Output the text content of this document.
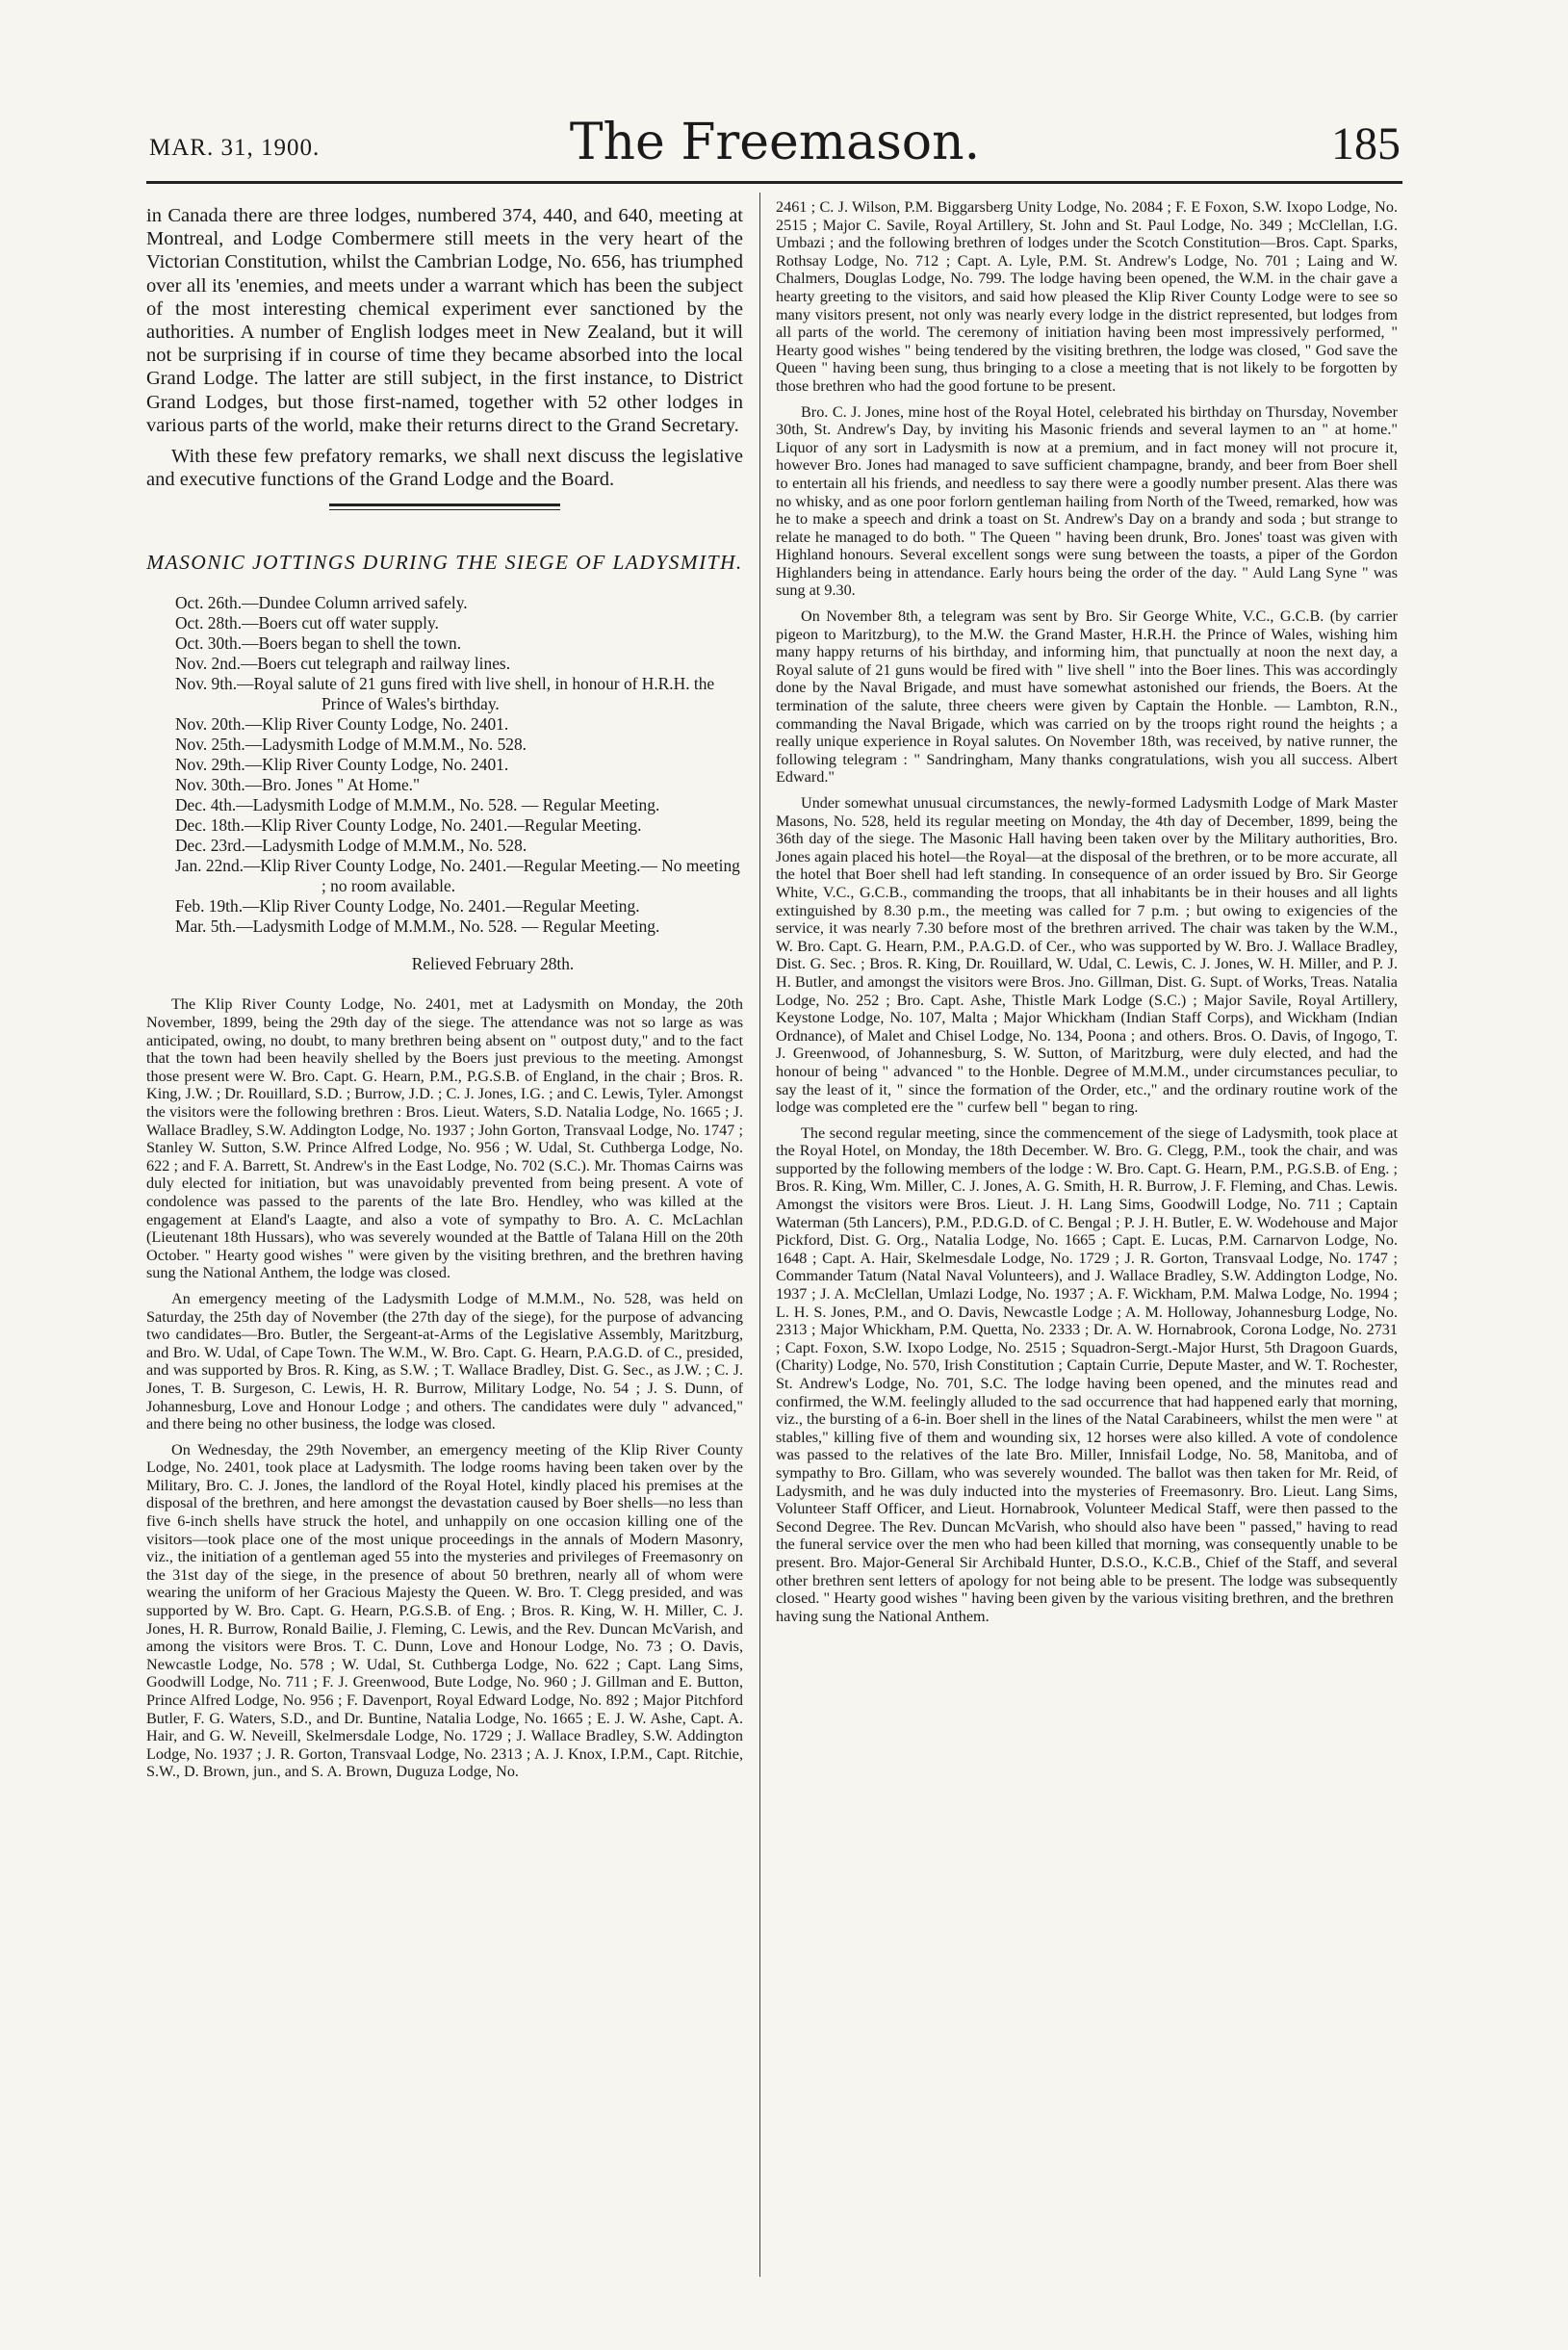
MAR. 31, 1900.	The Freemason.	185

in Canada there are three lodges, numbered 374, 440, and 640, meeting at Montreal, and Lodge Combermere still meets in the very heart of the Victorian Constitution, whilst the Cambrian Lodge, No. 656, has triumphed over all its 'enemies, and meets under a warrant which has been the subject of the most interesting chemical experiment ever sanctioned by the authorities. A number of English lodges meet in New Zealand, but it will not be surprising if in course of time they became absorbed into the local Grand Lodge. The latter are still subject, in the first instance, to District Grand Lodges, but those first-named, together with 52 other lodges in various parts of the world, make their returns direct to the Grand Secretary.

With these few prefatory remarks, we shall next discuss the legislative and executive functions of the Grand Lodge and the Board.

MASONIC JOTTINGS DURING THE SIEGE OF LADYSMITH.
Oct. 26th.—Dundee Column arrived safely.
Oct. 28th.—Boers cut off water supply.
Oct. 30th.—Boers began to shell the town.
Nov. 2nd.—Boers cut telegraph and railway lines.
Nov. 9th.—Royal salute of 21 guns fired with live shell, in honour of H.R.H. the Prince of Wales's birthday.
Nov. 20th.—Klip River County Lodge, No. 2401.
Nov. 25th.—Ladysmith Lodge of M.M.M., No. 528.
Nov. 29th.—Klip River County Lodge, No. 2401.
Nov. 30th.—Bro. Jones " At Home."
Dec. 4th.—Ladysmith Lodge of M.M.M., No. 528. — Regular Meeting.
Dec. 18th.—Klip River County Lodge, No. 2401.—Regular Meeting.
Dec. 23rd.—Ladysmith Lodge of M.M.M., No. 528.
Jan. 22nd.—Klip River County Lodge, No. 2401.—Regular Meeting.— No meeting ; no room available.
Feb. 19th.—Klip River County Lodge, No. 2401.—Regular Meeting.
Mar. 5th.—Ladysmith Lodge of M.M.M., No. 528. — Regular Meeting.
Relieved February 28th.

The Klip River County Lodge, No. 2401, met at Ladysmith on Monday, the 20th November, 1899, being the 29th day of the siege. The attendance was not so large as was anticipated, owing, no doubt, to many brethren being absent on " outpost duty," and to the fact that the town had been heavily shelled by the Boers just previous to the meeting. Amongst those present were W. Bro. Capt. G. Hearn, P.M., P.G.S.B. of England, in the chair ; Bros. R. King, J.W. ; Dr. Rouillard, S.D. ; Burrow, J.D. ; C. J. Jones, I.G. ; and C. Lewis, Tyler. Amongst the visitors were the following brethren : Bros. Lieut. Waters, S.D. Natalia Lodge, No. 1665 ; J. Wallace Bradley, S.W. Addington Lodge, No. 1937 ; John Gorton, Transvaal Lodge, No. 1747 ; Stanley W. Sutton, S.W. Prince Alfred Lodge, No. 956 ; W. Udal, St. Cuthberga Lodge, No. 622 ; and F. A. Barrett, St. Andrew's in the East Lodge, No. 702 (S.C.). Mr. Thomas Cairns was duly elected for initiation, but was unavoidably prevented from being present. A vote of condolence was passed to the parents of the late Bro. Hendley, who was killed at the engagement at Eland's Laagte, and also a vote of sympathy to Bro. A. C. McLachlan (Lieutenant 18th Hussars), who was severely wounded at the Battle of Talana Hill on the 20th October. " Hearty good wishes " were given by the visiting brethren, and the brethren having sung the National Anthem, the lodge was closed.

An emergency meeting of the Ladysmith Lodge of M.M.M., No. 528, was held on Saturday, the 25th day of November (the 27th day of the siege), for the purpose of advancing two candidates—Bro. Butler, the Sergeant-at-Arms of the Legislative Assembly, Maritzburg, and Bro. W. Udal, of Cape Town. The W.M., W. Bro. Capt. G. Hearn, P.A.G.D. of C., presided, and was supported by Bros. R. King, as S.W. ; T. Wallace Bradley, Dist. G. Sec., as J.W. ; C. J. Jones, T. B. Surgeson, C. Lewis, H. R. Burrow, Military Lodge, No. 54 ; J. S. Dunn, of Johannesburg, Love and Honour Lodge ; and others. The candidates were duly " advanced," and there being no other business, the lodge was closed.

On Wednesday, the 29th November, an emergency meeting of the Klip River County Lodge, No. 2401, took place at Ladysmith. The lodge rooms having been taken over by the Military, Bro. C. J. Jones, the landlord of the Royal Hotel, kindly placed his premises at the disposal of the brethren, and here amongst the devastation caused by Boer shells—no less than five 6-inch shells have struck the hotel, and unhappily on one occasion killing one of the visitors—took place one of the most unique proceedings in the annals of Modern Masonry, viz., the initiation of a gentleman aged 55 into the mysteries and privileges of Freemasonry on the 31st day of the siege, in the presence of about 50 brethren, nearly all of whom were wearing the uniform of her Gracious Majesty the Queen. W. Bro. T. Clegg presided, and was supported by W. Bro. Capt. G. Hearn, P.G.S.B. of Eng. ; Bros. R. King, W. H. Miller, C. J. Jones, H. R. Burrow, Ronald Bailie, J. Fleming, C. Lewis, and the Rev. Duncan McVarish, and among the visitors were Bros. T. C. Dunn, Love and Honour Lodge, No. 73 ; O. Davis, Newcastle Lodge, No. 578 ; W. Udal, St. Cuthberga Lodge, No. 622 ; Capt. Lang Sims, Goodwill Lodge, No. 711 ; F. J. Greenwood, Bute Lodge, No. 960 ; J. Gillman and E. Button, Prince Alfred Lodge, No. 956 ; F. Davenport, Royal Edward Lodge, No. 892 ; Major Pitchford Butler, F. G. Waters, S.D., and Dr. Buntine, Natalia Lodge, No. 1665 ; E. J. W. Ashe, Capt. A. Hair, and G. W. Neveill, Skelmersdale Lodge, No. 1729 ; J. Wallace Bradley, S.W. Addington Lodge, No. 1937 ; J. R. Gorton, Transvaal Lodge, No. 2313 ; A. J. Knox, I.P.M., Capt. Ritchie, S.W., D. Brown, jun., and S. A. Brown, Duguza Lodge, No.

2461 ; C. J. Wilson, P.M. Biggarsberg Unity Lodge, No. 2084 ; F. E Foxon, S.W. Ixopo Lodge, No. 2515 ; Major C. Savile, Royal Artillery, St. John and St. Paul Lodge, No. 349 ; McClellan, I.G. Umbazi ; and the following brethren of lodges under the Scotch Constitution—Bros. Capt. Sparks, Rothsay Lodge, No. 712 ; Capt. A. Lyle, P.M. St. Andrew's Lodge, No. 701 ; Laing and W. Chalmers, Douglas Lodge, No. 799. The lodge having been opened, the W.M. in the chair gave a hearty greeting to the visitors, and said how pleased the Klip River County Lodge were to see so many visitors present, not only was nearly every lodge in the district represented, but lodges from all parts of the world. The ceremony of initiation having been most impressively performed, " Hearty good wishes " being tendered by the visiting brethren, the lodge was closed, " God save the Queen " having been sung, thus bringing to a close a meeting that is not likely to be forgotten by those brethren who had the good fortune to be present.

Bro. C. J. Jones, mine host of the Royal Hotel, celebrated his birthday on Thursday, November 30th, St. Andrew's Day, by inviting his Masonic friends and several laymen to an " at home." Liquor of any sort in Ladysmith is now at a premium, and in fact money will not procure it, however Bro. Jones had managed to save sufficient champagne, brandy, and beer from Boer shell to entertain all his friends, and needless to say there were a goodly number present. Alas there was no whisky, and as one poor forlorn gentleman hailing from North of the Tweed, remarked, how was he to make a speech and drink a toast on St. Andrew's Day on a brandy and soda ; but strange to relate he managed to do both. " The Queen " having been drunk, Bro. Jones' toast was given with Highland honours. Several excellent songs were sung between the toasts, a piper of the Gordon Highlanders being in attendance. Early hours being the order of the day. " Auld Lang Syne " was sung at 9.30.

On November 8th, a telegram was sent by Bro. Sir George White, V.C., G.C.B. (by carrier pigeon to Maritzburg), to the M.W. the Grand Master, H.R.H. the Prince of Wales, wishing him many happy returns of his birthday, and informing him, that punctually at noon the next day, a Royal salute of 21 guns would be fired with " live shell " into the Boer lines. This was accordingly done by the Naval Brigade, and must have somewhat astonished our friends, the Boers. At the termination of the salute, three cheers were given by Captain the Honble. — Lambton, R.N., commanding the Naval Brigade, which was carried on by the troops right round the heights ; a really unique experience in Royal salutes. On November 18th, was received, by native runner, the following telegram : " Sandringham, Many thanks congratulations, wish you all success. Albert Edward."

Under somewhat unusual circumstances, the newly-formed Ladysmith Lodge of Mark Master Masons, No. 528, held its regular meeting on Monday, the 4th day of December, 1899, being the 36th day of the siege. The Masonic Hall having been taken over by the Military authorities, Bro. Jones again placed his hotel—the Royal—at the disposal of the brethren, or to be more accurate, all the hotel that Boer shell had left standing. In consequence of an order issued by Bro. Sir George White, V.C., G.C.B., commanding the troops, that all inhabitants be in their houses and all lights extinguished by 8.30 p.m., the meeting was called for 7 p.m. ; but owing to exigencies of the service, it was nearly 7.30 before most of the brethren arrived. The chair was taken by the W.M., W. Bro. Capt. G. Hearn, P.M., P.A.G.D. of Cer., who was supported by W. Bro. J. Wallace Bradley, Dist. G. Sec. ; Bros. R. King, Dr. Rouillard, W. Udal, C. Lewis, C. J. Jones, W. H. Miller, and P. J. H. Butler, and amongst the visitors were Bros. Jno. Gillman, Dist. G. Supt. of Works, Treas. Natalia Lodge, No. 252 ; Bro. Capt. Ashe, Thistle Mark Lodge (S.C.) ; Major Savile, Royal Artillery, Keystone Lodge, No. 107, Malta ; Major Whickham (Indian Staff Corps), and Wickham (Indian Ordnance), of Malet and Chisel Lodge, No. 134, Poona ; and others. Bros. O. Davis, of Ingogo, T. J. Greenwood, of Johannesburg, S. W. Sutton, of Maritzburg, were duly elected, and had the honour of being " advanced " to the Honble. Degree of M.M.M., under circumstances peculiar, to say the least of it, " since the formation of the Order, etc.," and the ordinary routine work of the lodge was completed ere the " curfew bell " began to ring.

The second regular meeting, since the commencement of the siege of Ladysmith, took place at the Royal Hotel, on Monday, the 18th December. W. Bro. G. Clegg, P.M., took the chair, and was supported by the following members of the lodge : W. Bro. Capt. G. Hearn, P.M., P.G.S.B. of Eng. ; Bros. R. King, Wm. Miller, C. J. Jones, A. G. Smith, H. R. Burrow, J. F. Fleming, and Chas. Lewis. Amongst the visitors were Bros. Lieut. J. H. Lang Sims, Goodwill Lodge, No. 711 ; Captain Waterman (5th Lancers), P.M., P.D.G.D. of C. Bengal ; P. J. H. Butler, E. W. Wodehouse and Major Pickford, Dist. G. Org., Natalia Lodge, No. 1665 ; Capt. E. Lucas, P.M. Carnarvon Lodge, No. 1648 ; Capt. A. Hair, Skelmesdale Lodge, No. 1729 ; J. R. Gorton, Transvaal Lodge, No. 1747 ; Commander Tatum (Natal Naval Volunteers), and J. Wallace Bradley, S.W. Addington Lodge, No. 1937 ; J. A. McClellan, Umlazi Lodge, No. 1937 ; A. F. Wickham, P.M. Malwa Lodge, No. 1994 ; L. H. S. Jones, P.M., and O. Davis, Newcastle Lodge ; A. M. Holloway, Johannesburg Lodge, No. 2313 ; Major Whickham, P.M. Quetta, No. 2333 ; Dr. A. W. Hornabrook, Corona Lodge, No. 2731 ; Capt. Foxon, S.W. Ixopo Lodge, No. 2515 ; Squadron-Sergt.-Major Hurst, 5th Dragoon Guards, (Charity) Lodge, No. 570, Irish Constitution ; Captain Currie, Depute Master, and W. T. Rochester, St. Andrew's Lodge, No. 701, S.C. The lodge having been opened, and the minutes read and confirmed, the W.M. feelingly alluded to the sad occurrence that had happened early that morning, viz., the bursting of a 6-in. Boer shell in the lines of the Natal Carabineers, whilst the men were " at stables," killing five of them and wounding six, 12 horses were also killed. A vote of condolence was passed to the relatives of the late Bro. Miller, Innisfail Lodge, No. 58, Manitoba, and of sympathy to Bro. Gillam, who was severely wounded. The ballot was then taken for Mr. Reid, of Ladysmith, and he was duly inducted into the mysteries of Freemasonry. Bro. Lieut. Lang Sims, Volunteer Staff Officer, and Lieut. Hornabrook, Volunteer Medical Staff, were then passed to the Second Degree. The Rev. Duncan McVarish, who should also have been " passed," having to read the funeral service over the men who had been killed that morning, was consequently unable to be present. Bro. Major-General Sir Archibald Hunter, D.S.O., K.C.B., Chief of the Staff, and several other brethren sent letters of apology for not being able to be present. The lodge was subsequently closed. " Hearty good wishes " having been given by the various visiting brethren, and the brethren

having sung the National Anthem.
